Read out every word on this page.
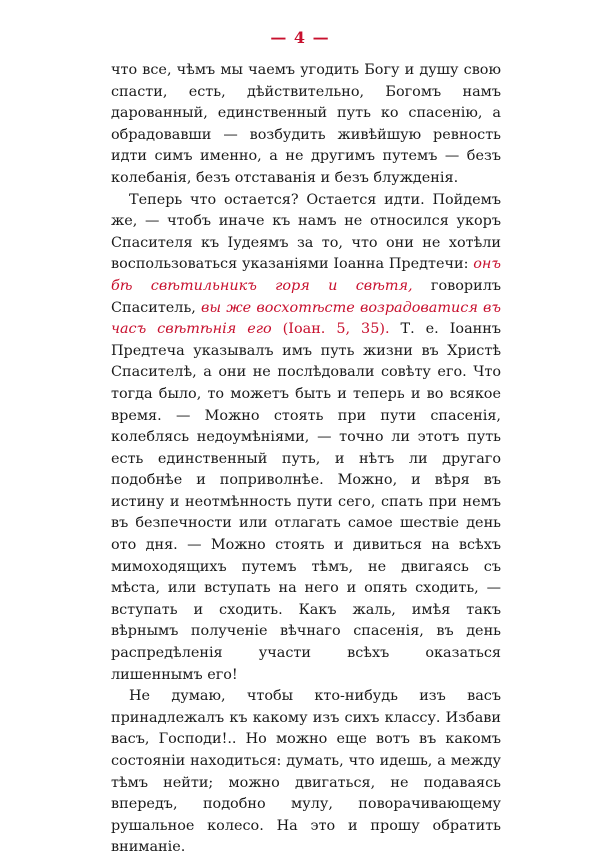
— 4 —

что все, чѣмъ мы чаемъ угодить Богу и душу свою спасти, есть, дѣйствительно, Богомъ намъ дарованный, единственный путь ко спасенію, а обрадовавши — возбудить живѣйшую ревность идти симъ именно, а не другимъ путемъ — безъ колебанія, безъ отставанія и безъ блужденія.

Теперь что остается? Остается идти. Пойдемъ же, — чтобъ иначе къ намъ не относился укоръ Спасителя къ Іудеямъ за то, что они не хотѣли воспользоваться указаніями Іоанна Предтечи: онъ бѣ свѣтильникъ горя и свѣтя, говорилъ Спаситель, вы же восхотѣсте возрадоватися въ часъ свѣтѣнія его (Іоан. 5, 35). Т. е. Іоаннъ Предтеча указывалъ имъ путь жизни въ Христѣ Спасителѣ, а они не послѣдовали совѣту его. Что тогда было, то можетъ быть и теперь и во всякое время. — Можно стоять при пути спасенія, колеблясь недоумѣніями, — точно ли этотъ путь есть единственный путь, и нѣтъ ли другаго подобнѣе и поприволнѣе. Можно, и вѣря въ истину и неотмѣнность пути сего, спать при немъ въ безпечности или отлагать самое шествіе день ото дня. — Можно стоять и дивиться на всѣхъ мимоходящихъ путемъ тѣмъ, не двигаясь съ мѣста, или вступать на него и опять сходить, — вступать и сходить. Какъ жаль, имѣя такъ вѣрнымъ полученіе вѣчнаго спасенія, въ день распредѣленія участи всѣхъ оказаться лишеннымъ его!

Не думаю, чтобы кто-нибудь изъ васъ принадлежалъ къ какому изъ сихъ классу. Избави васъ, Господи!.. Но можно еще вотъ въ какомъ состояніи находиться: думать, что идешь, а между тѣмъ нейти; можно двигаться, не подаваясь впередъ, подобно мулу, поворачивающему рушальное колесо. На это и прошу обратить вниманіе.
